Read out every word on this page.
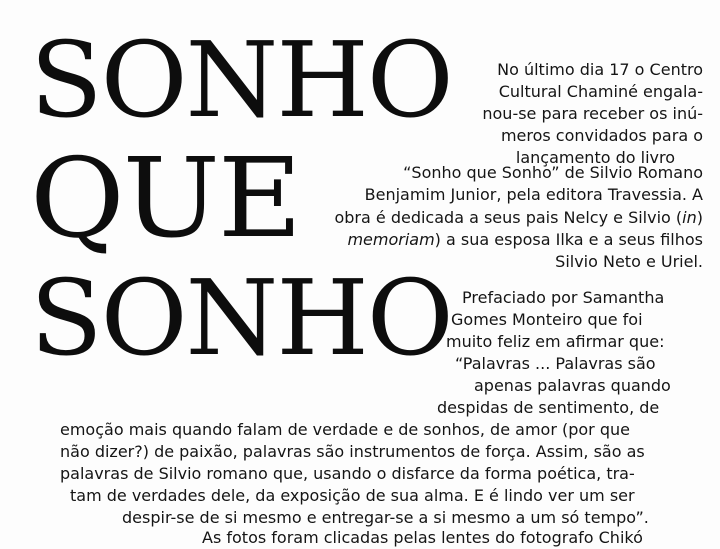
SONHO
QUE
SONHO

No último dia 17 o Centro

Cultural Chaminé engala-

nou-se para receber os inú-

meros convidados para o

lançamento do livro

“Sonho que Sonho” de Silvio Romano

Benjamim Junior, pela editora Travessia. A

obra é dedicada a seus pais Nelcy e Silvio (in)

memoriam) a sua esposa Ilka e a seus filhos

Silvio Neto e Uriel.

Prefaciado por Samantha

Gomes Monteiro que foi

muito feliz em afirmar que:

“Palavras ... Palavras são

apenas palavras quando

despidas de sentimento, de

emoção mais quando falam de verdade e de sonhos, de amor (por que

não dizer?) de paixão, palavras são instrumentos de força. Assim, são as

palavras de Silvio romano que, usando o disfarce da forma poética, tra-

tam de verdades dele, da exposição de sua alma. E é lindo ver um ser

despir-se de si mesmo e entregar-se a si mesmo a um só tempo”.

As fotos foram clicadas pelas lentes do fotografo Chikó
